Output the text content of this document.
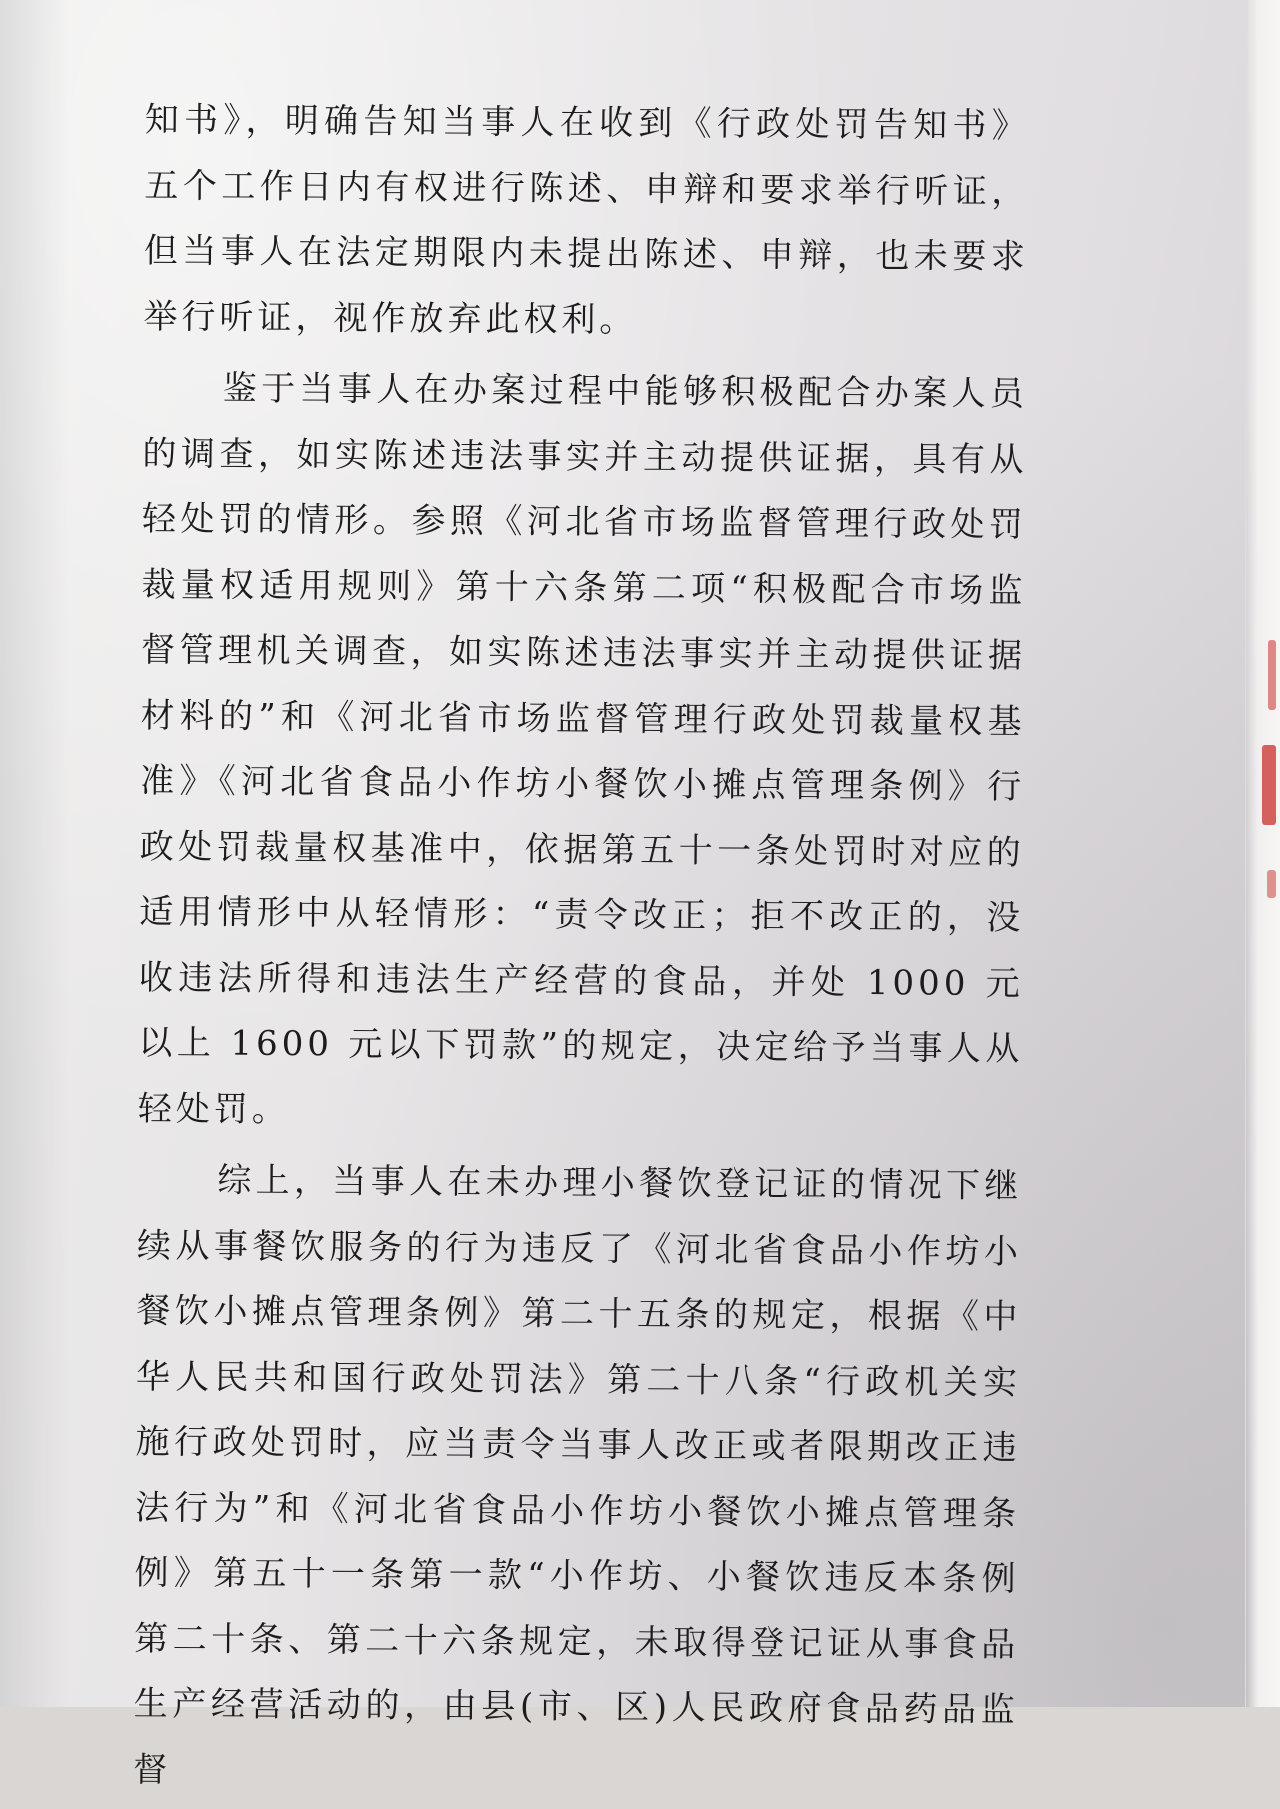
知书》，明确告知当事人在收到《行政处罚告知书》五个工作日内有权进行陈述、申辩和要求举行听证，但当事人在法定期限内未提出陈述、申辩，也未要求举行听证，视作放弃此权利。

鉴于当事人在办案过程中能够积极配合办案人员的调查，如实陈述违法事实并主动提供证据，具有从轻处罚的情形。参照《河北省市场监督管理行政处罚裁量权适用规则》第十六条第二项“积极配合市场监督管理机关调查，如实陈述违法事实并主动提供证据材料的”和《河北省市场监督管理行政处罚裁量权基准》《河北省食品小作坊小餐饮小摊点管理条例》行政处罚裁量权基准中，依据第五十一条处罚时对应的适用情形中从轻情形：“责令改正；拒不改正的，没收违法所得和违法生产经营的食品，并处 1000 元以上 1600 元以下罚款”的规定，决定给予当事人从轻处罚。

综上，当事人在未办理小餐饮登记证的情况下继续从事餐饮服务的行为违反了《河北省食品小作坊小餐饮小摊点管理条例》第二十五条的规定，根据《中华人民共和国行政处罚法》第二十八条“行政机关实施行政处罚时，应当责令当事人改正或者限期改正违法行为”和《河北省食品小作坊小餐饮小摊点管理条例》第五十一条第一款“小作坊、小餐饮违反本条例第二十条、第二十六条规定，未取得登记证从事食品生产经营活动的，由县(市、区)人民政府食品药品监督
